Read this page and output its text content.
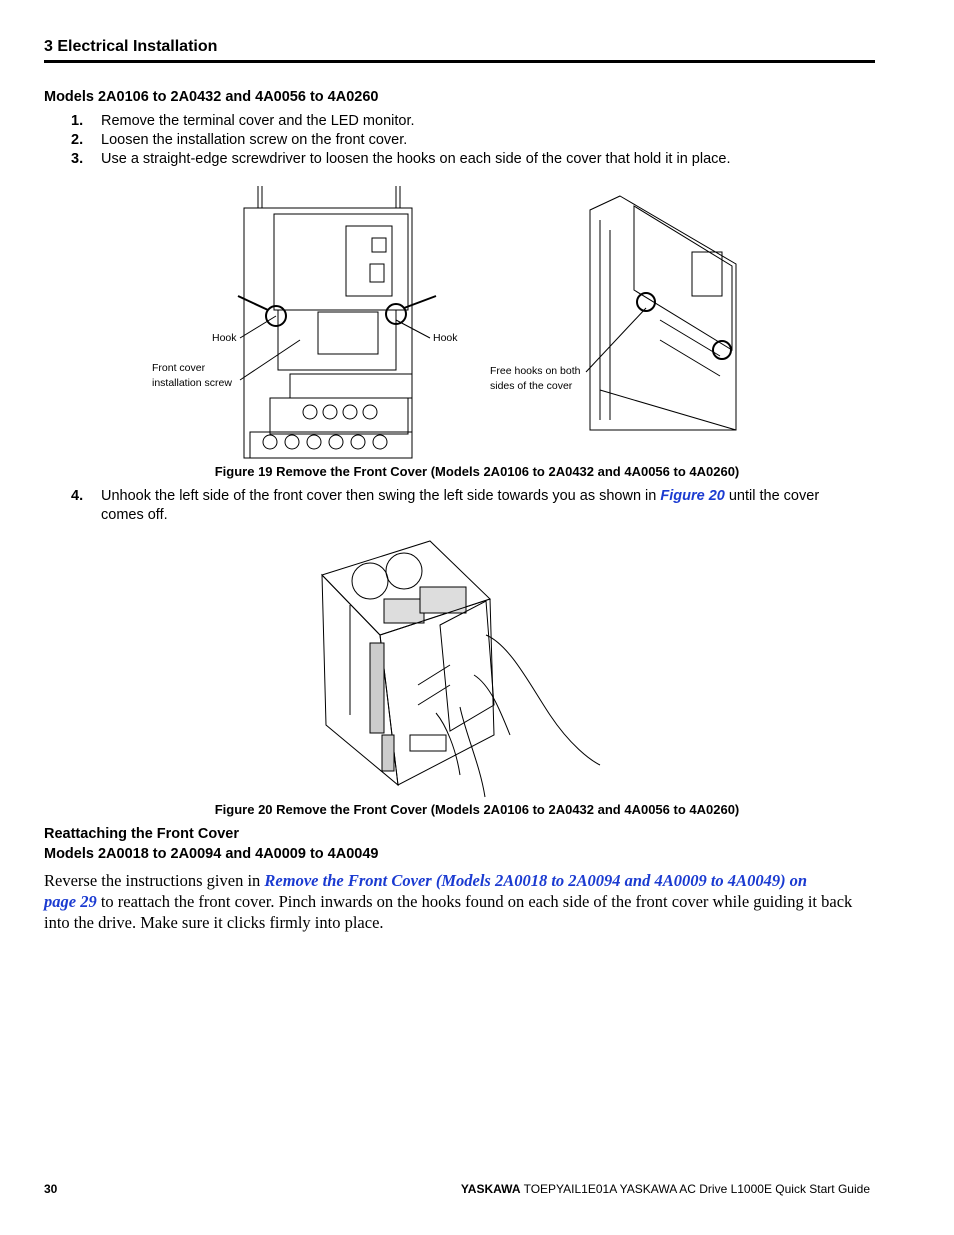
3 Electrical Installation
Models 2A0106 to 2A0432 and 4A0056 to 4A0260
1. Remove the terminal cover and the LED monitor.
2. Loosen the installation screw on the front cover.
3. Use a straight-edge screwdriver to loosen the hooks on each side of the cover that hold it in place.
Hook	Hook
Front cover
installation screw
Free hooks on both
sides of the cover
Figure 19 Remove the Front Cover (Models 2A0106 to 2A0432 and 4A0056 to 4A0260)
4. Unhook the left side of the front cover then swing the left side towards you as shown in Figure 20 until the cover
comes off.
Figure 20 Remove the Front Cover (Models 2A0106 to 2A0432 and 4A0056 to 4A0260)
Reattaching the Front Cover
Models 2A0018 to 2A0094 and 4A0009 to 4A0049
Reverse the instructions given in Remove the Front Cover (Models 2A0018 to 2A0094 and 4A0009 to 4A0049) on
page 29 to reattach the front cover. Pinch inwards on the hooks found on each side of the front cover while guiding it back
into the drive. Make sure it clicks firmly into place.
30	YASKAWA TOEPYAIL1E01A YASKAWA AC Drive L1000E Quick Start Guide
